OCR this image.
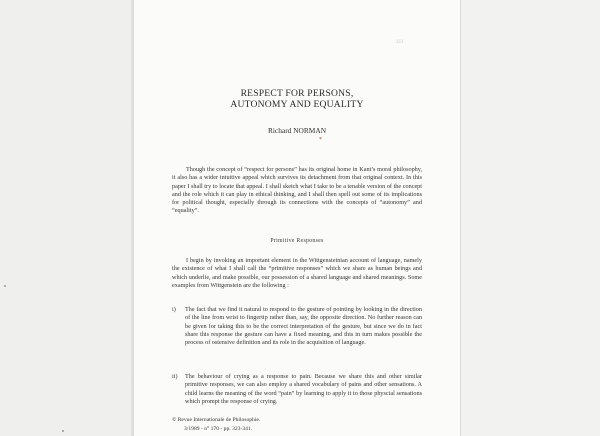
323
RESPECT FOR PERSONS,
AUTONOMY AND EQUALITY
Richard NORMAN
*

Though the concept of “respect for persons” has its original home in Kant’s moral philosophy, it also has a wider intuitive appeal which survives its detachment from that original context. In this paper I shall try to locate that appeal. I shall sketch what I take to be a tenable version of the concept and the role which it can play in ethical thinking, and I shall then spell out some of its implications for political thought, especially through its connections with the concepts of “autonomy” and “equality”.

Primitive Responses

I begin by invoking an important element in the Wittgensteinian account of language, namely the existence of what I shall call the “primitive responses” which we share as human beings and which underlie, and make possible, our possession of a shared language and shared meanings. Some examples from Wittgenstein are the following :

i) The fact that we find it natural to respond to the gesture of pointing by looking in the direction of the line from wrist to fingertip rather than, say, the opposite direction. No further reason can be given for taking this to be the correct interpretation of the gesture, but since we do in fact share this response the gesture can have a fixed meaning, and this in turn makes possible the process of ostensive definition and its role in the acquisition of language.
ii) The behaviour of crying as a response to pain. Because we share this and other similar primitive responses, we can also employ a shared vocabulary of pains and other sensations. A child learns the meaning of the word “pain” by learning to apply it to those physcial sensations which prompt the response of crying.
© Revue Internationale de Philosophie.
3/1989 - n° 170 - pp. 323-341.
